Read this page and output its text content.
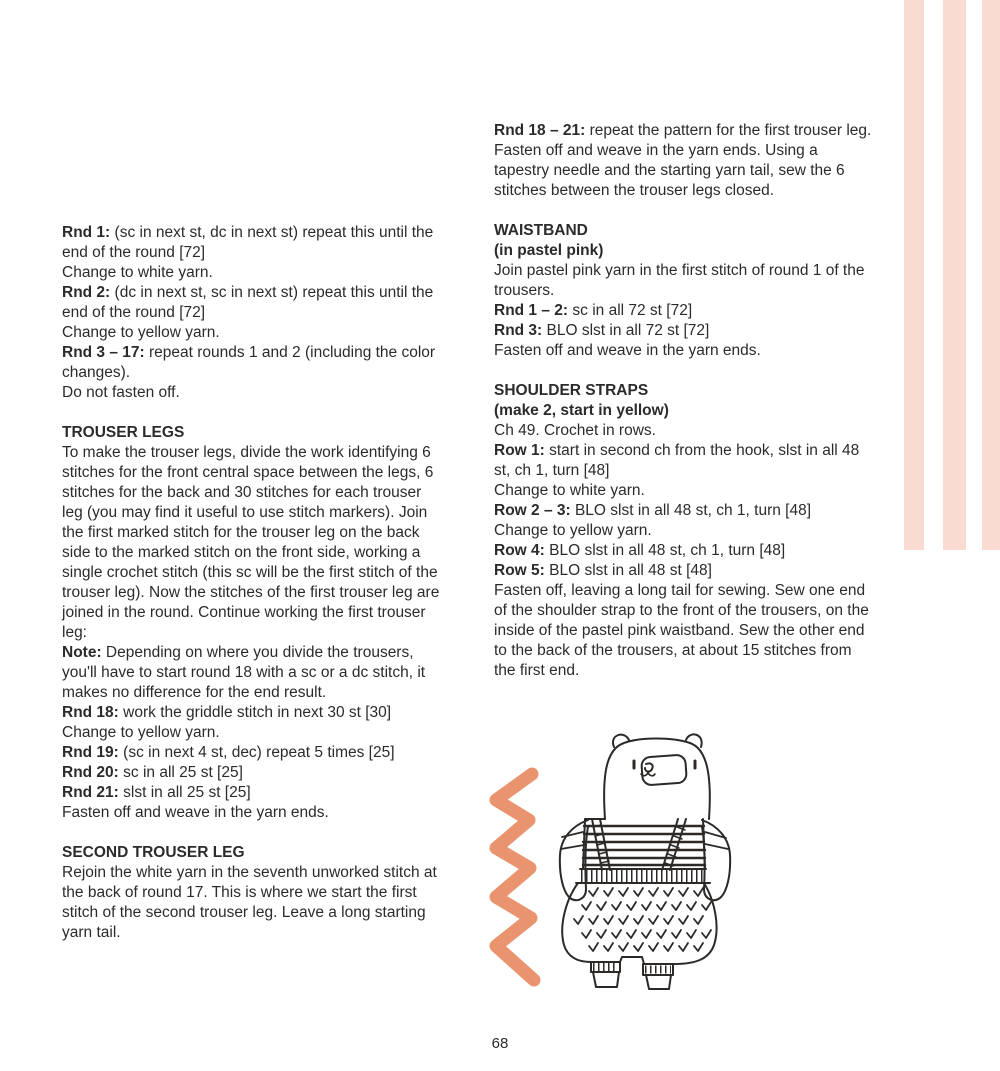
Rnd 1: (sc in next st, dc in next st) repeat this until the end of the round [72]

Change to white yarn.

Rnd 2: (dc in next st, sc in next st) repeat this until the end of the round [72]

Change to yellow yarn.

Rnd 3 – 17: repeat rounds 1 and 2 (including the color changes).

Do not fasten off.

TROUSER LEGS

To make the trouser legs, divide the work identifying 6 stitches for the front central space between the legs, 6 stitches for the back and 30 stitches for each trouser leg (you may find it useful to use stitch markers). Join the first marked stitch for the trouser leg on the back side to the marked stitch on the front side, working a single crochet stitch (this sc will be the first stitch of the trouser leg). Now the stitches of the first trouser leg are joined in the round. Continue working the first trouser leg:

Note: Depending on where you divide the trousers, you'll have to start round 18 with a sc or a dc stitch, it makes no difference for the end result.

Rnd 18: work the griddle stitch in next 30 st [30]

Change to yellow yarn.

Rnd 19: (sc in next 4 st, dec) repeat 5 times [25]

Rnd 20: sc in all 25 st [25]

Rnd 21: slst in all 25 st [25]

Fasten off and weave in the yarn ends.

SECOND TROUSER LEG

Rejoin the white yarn in the seventh unworked stitch at the back of round 17. This is where we start the first stitch of the second trouser leg. Leave a long starting yarn tail.

Rnd 18 – 21: repeat the pattern for the first trouser leg.

Fasten off and weave in the yarn ends. Using a tapestry needle and the starting yarn tail, sew the 6 stitches between the trouser legs closed.

WAISTBAND

(in pastel pink)

Join pastel pink yarn in the first stitch of round 1 of the trousers.

Rnd 1 – 2: sc in all 72 st [72]

Rnd 3: BLO slst in all 72 st [72]

Fasten off and weave in the yarn ends.

SHOULDER STRAPS

(make 2, start in yellow)

Ch 49. Crochet in rows.

Row 1: start in second ch from the hook, slst in all 48 st, ch 1, turn [48]

Change to white yarn.

Row 2 – 3: BLO slst in all 48 st, ch 1, turn [48]

Change to yellow yarn.

Row 4: BLO slst in all 48 st, ch 1, turn [48]

Row 5: BLO slst in all 48 st [48]

Fasten off, leaving a long tail for sewing. Sew one end of the shoulder strap to the front of the trousers, on the inside of the pastel pink waistband. Sew the other end to the back of the trousers, at about 15 stitches from the first end.

68
